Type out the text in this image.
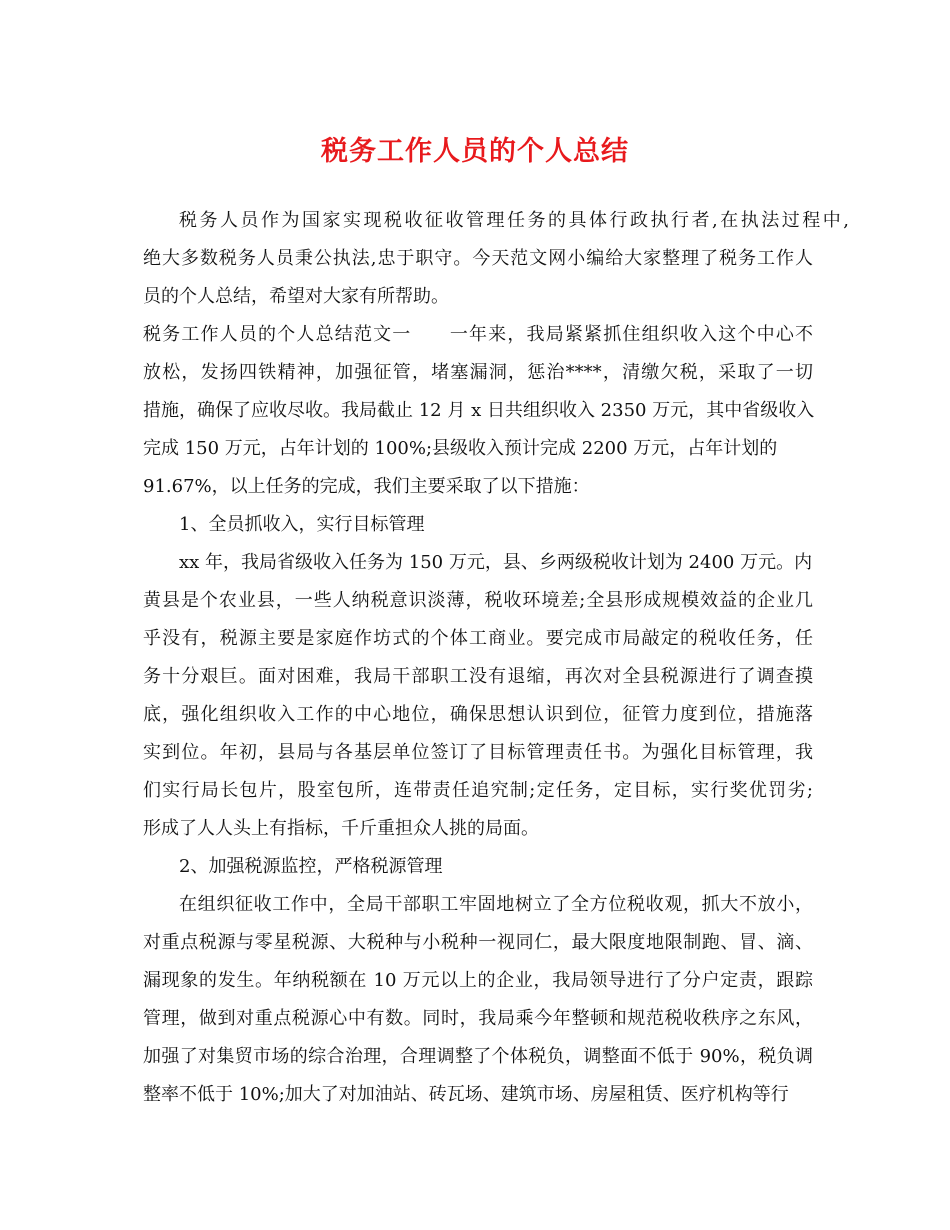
税务工作人员的个人总结
税务人员作为国家实现税收征收管理任务的具体行政执行者,在执法过程中,
绝大多数税务人员秉公执法,忠于职守。今天范文网小编给大家整理了税务工作人
员的个人总结，希望对大家有所帮助。
税务工作人员的个人总结范文一　　一年来，我局紧紧抓住组织收入这个中心不
放松，发扬四铁精神，加强征管，堵塞漏洞，惩治****，清缴欠税，采取了一切
措施，确保了应收尽收。我局截止 12 月 x 日共组织收入 2350 万元，其中省级收入
完成 150 万元，占年计划的 100%;县级收入预计完成 2200 万元，占年计划的
91.67%，以上任务的完成，我们主要采取了以下措施：
1、全员抓收入，实行目标管理
xx 年，我局省级收入任务为 150 万元，县、乡两级税收计划为 2400 万元。内
黄县是个农业县，一些人纳税意识淡薄，税收环境差;全县形成规模效益的企业几
乎没有，税源主要是家庭作坊式的个体工商业。要完成市局敲定的税收任务，任
务十分艰巨。面对困难，我局干部职工没有退缩，再次对全县税源进行了调查摸
底，强化组织收入工作的中心地位，确保思想认识到位，征管力度到位，措施落
实到位。年初，县局与各基层单位签订了目标管理责任书。为强化目标管理，我
们实行局长包片，股室包所，连带责任追究制;定任务，定目标，实行奖优罚劣;
形成了人人头上有指标，千斤重担众人挑的局面。
2、加强税源监控，严格税源管理
在组织征收工作中，全局干部职工牢固地树立了全方位税收观，抓大不放小，
对重点税源与零星税源、大税种与小税种一视同仁，最大限度地限制跑、冒、滴、
漏现象的发生。年纳税额在 10 万元以上的企业，我局领导进行了分户定责，跟踪
管理，做到对重点税源心中有数。同时，我局乘今年整顿和规范税收秩序之东风，
加强了对集贸市场的综合治理，合理调整了个体税负，调整面不低于 90%，税负调
整率不低于 10%;加大了对加油站、砖瓦场、建筑市场、房屋租赁、医疗机构等行
